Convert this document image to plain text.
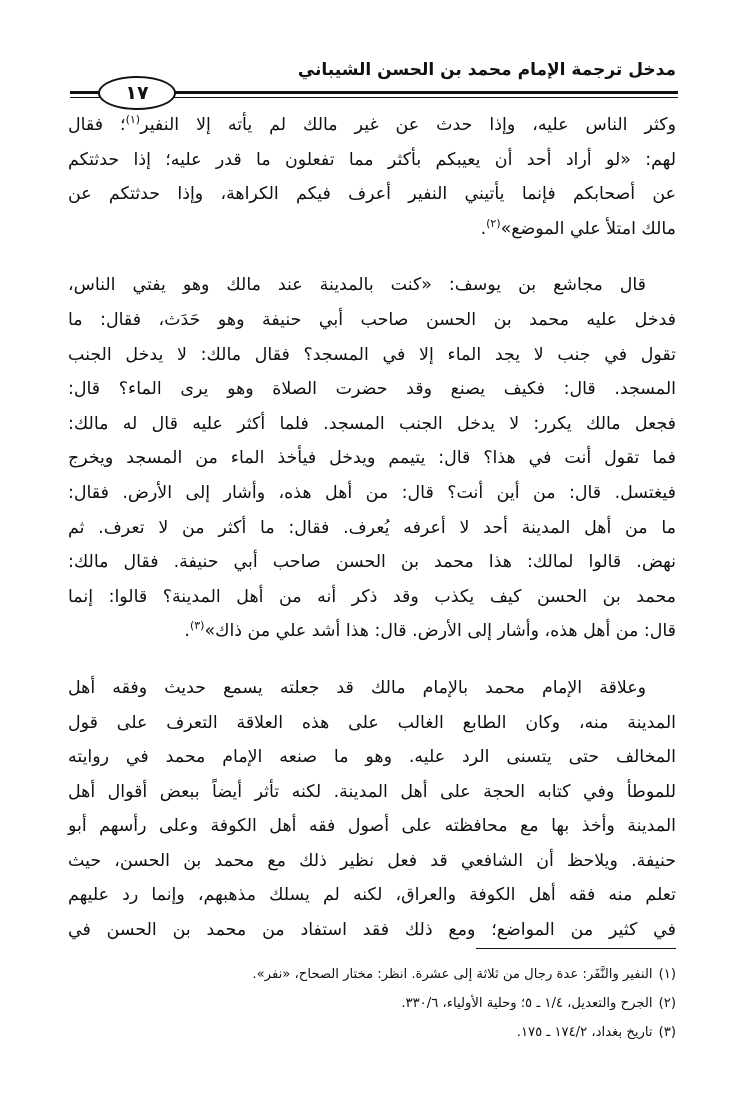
مدخل ترجمة الإمام محمد بن الحسن الشيباني
١٧
وكثر الناس عليه، وإذا حدث عن غير مالك لم يأته إلا النفير$^{(١)}$؛ فقال
لهم: «لو أراد أحد أن يعيبكم بأكثر مما تفعلون ما قدر عليه؛ إذا حدثتكم
عن أصحابكم فإنما يأتيني النفير أعرف فيكم الكراهة، وإذا حدثتكم عن
مالك امتلأ علي الموضع»$^{(٢)}$.
قال مجاشع بن يوسف: «كنت بالمدينة عند مالك وهو يفتي الناس،
فدخل عليه محمد بن الحسن صاحب أبي حنيفة وهو حَدَث، فقال: ما
تقول في جنب لا يجد الماء إلا في المسجد؟ فقال مالك: لا يدخل الجنب
المسجد. قال: فكيف يصنع وقد حضرت الصلاة وهو يرى الماء؟ قال:
فجعل مالك يكرر: لا يدخل الجنب المسجد. فلما أكثر عليه قال له مالك:
فما تقول أنت في هذا؟ قال: يتيمم ويدخل فيأخذ الماء من المسجد ويخرج
فيغتسل. قال: من أين أنت؟ قال: من أهل هذه، وأشار إلى الأرض. فقال:
ما من أهل المدينة أحد لا أعرفه يُعرف. فقال: ما أكثر من لا تعرف. ثم
نهض. قالوا لمالك: هذا محمد بن الحسن صاحب أبي حنيفة. فقال مالك:
محمد بن الحسن كيف يكذب وقد ذكر أنه من أهل المدينة؟ قالوا: إنما
قال: من أهل هذه، وأشار إلى الأرض. قال: هذا أشد علي من ذاك»$^{(٣)}$.
وعلاقة الإمام محمد بالإمام مالك قد جعلته يسمع حديث وفقه أهل
المدينة منه، وكان الطابع الغالب على هذه العلاقة التعرف على قول
المخالف حتى يتسنى الرد عليه. وهو ما صنعه الإمام محمد في روايته
للموطأ وفي كتابه الحجة على أهل المدينة. لكنه تأثر أيضاً ببعض أقوال أهل
المدينة وأخذ بها مع محافظته على أصول فقه أهل الكوفة وعلى رأسهم أبو
حنيفة. ويلاحظ أن الشافعي قد فعل نظير ذلك مع محمد بن الحسن، حيث
تعلم منه فقه أهل الكوفة والعراق، لكنه لم يسلك مذهبهم، وإنما رد عليهم
في كثير من المواضع؛ ومع ذلك فقد استفاد من محمد بن الحسن في
(١)النفير والنَّفَر: عدة رجال من ثلاثة إلى عشرة. انظر: مختار الصحاح، «نفر».
(٢)الجرح والتعديل، ١/٤ ـ ٥؛ وحلية الأولياء، ٣٣٠/٦.
(٣)تاريخ بغداد، ١٧٤/٢ ـ ١٧٥.
